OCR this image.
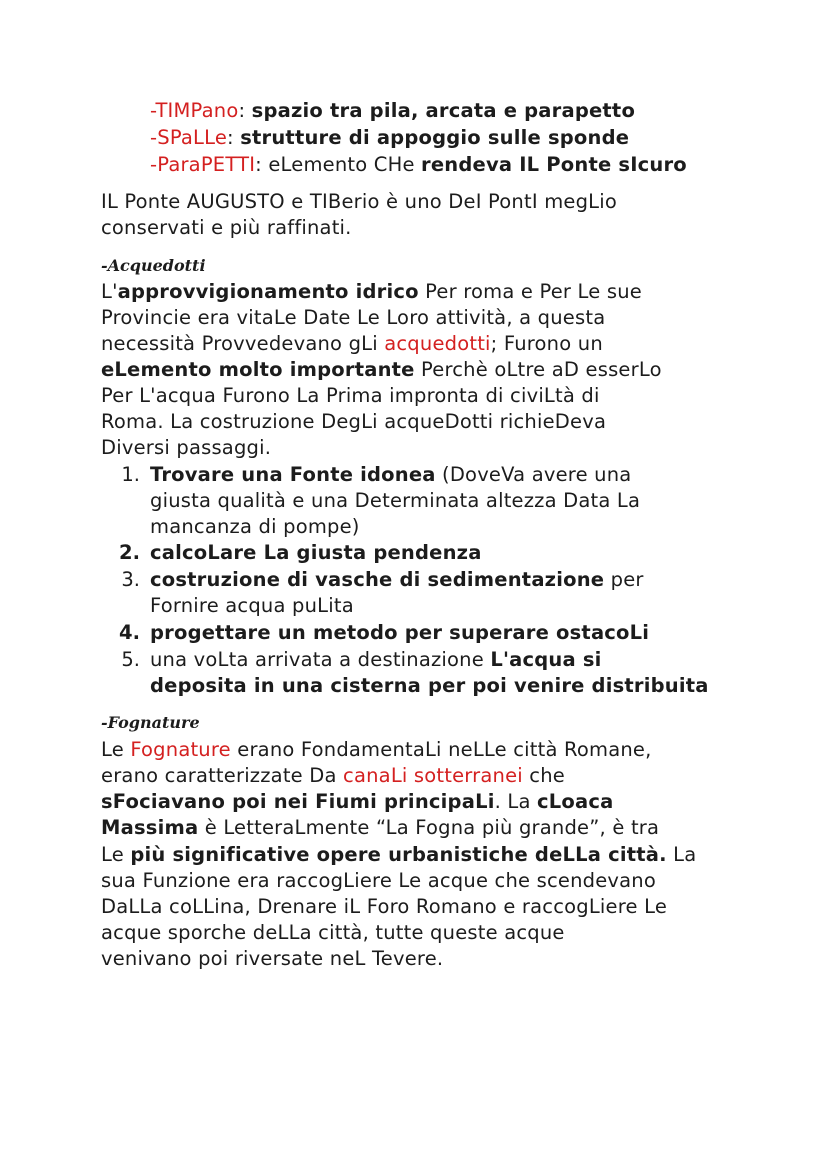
-TIMPano: spazio tra pila, arcata e parapetto
-SPaLLe: strutture di appoggio sulle sponde
-ParaPETTI: eLemento CHe rendeva IL Ponte sIcuro
IL Ponte AUGUSTO e TIBerio è uno DeI PontI megLio
conservati e più raffinati.
-Acquedotti
L'approvvigionamento idrico Per roma e Per Le sue
Provincie era vitaLe Date Le Loro attività, a questa
necessità Provvedevano gLi acquedotti; Furono un
eLemento molto importante Perchè oLtre aD esserLo
Per L'acqua Furono La Prima impronta di civiLtà di
Roma. La costruzione DegLi acqueDotti richieDeva
Diversi passaggi.
1. Trovare una Fonte idonea (DoveVa avere una
giusta qualità e una Determinata altezza Data La
mancanza di pompe)
2. calcoLare La giusta pendenza
3. costruzione di vasche di sedimentazione per
Fornire acqua puLita
4. progettare un metodo per superare ostacoLi
5. una voLta arrivata a destinazione L'acqua si
deposita in una cisterna per poi venire distribuita
-Fognature
Le Fognature erano FondamentaLi neLLe città Romane,
erano caratterizzate Da canaLi sotterranei che
sFociavano poi nei Fiumi principaLi. La cLoaca
Massima è LetteraLmente “La Fogna più grande”, è tra
Le più significative opere urbanistiche deLLa città. La
sua Funzione era raccogLiere Le acque che scendevano
DaLLa coLLina, Drenare iL Foro Romano e raccogLiere Le
acque sporche deLLa città, tutte queste acque
venivano poi riversate neL Tevere.
